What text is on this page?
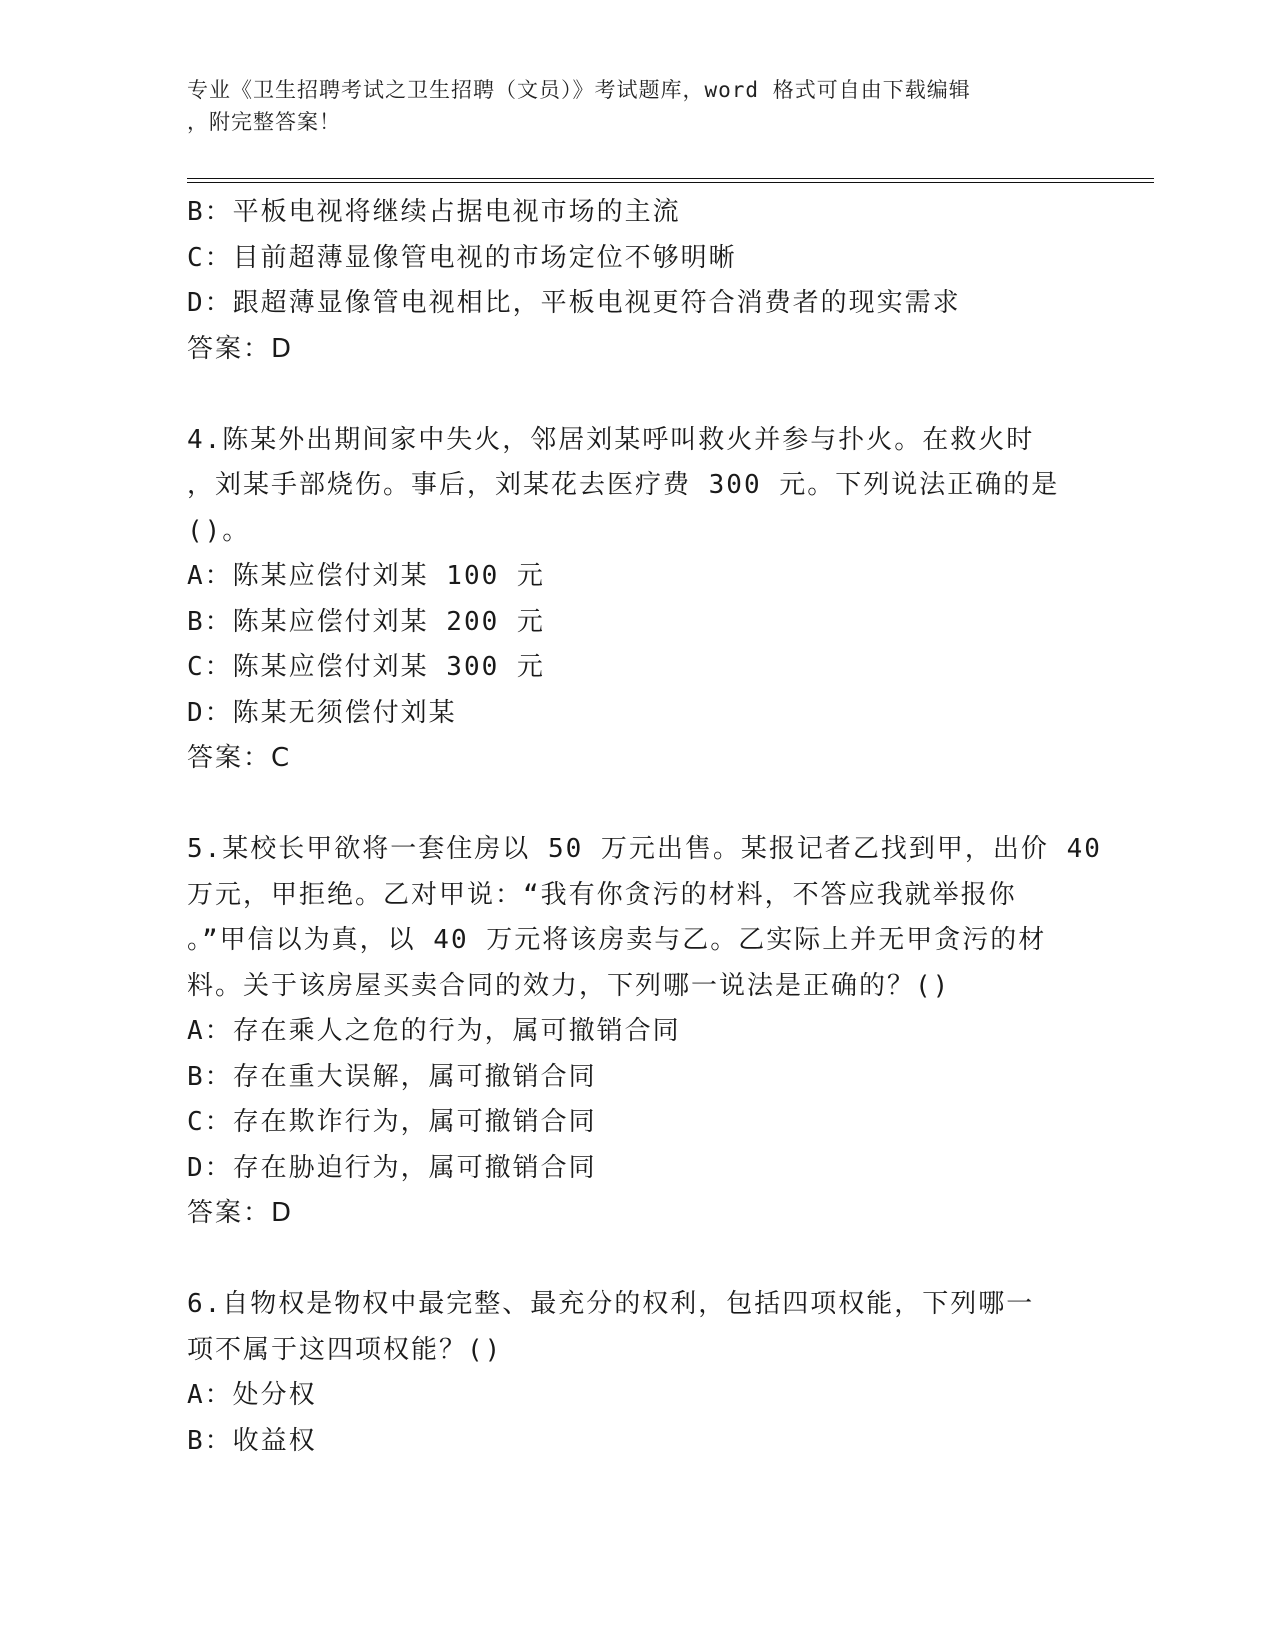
专业《卫生招聘考试之卫生招聘（文员）》考试题库，word 格式可自由下载编辑
，附完整答案！
B：平板电视将继续占据电视市场的主流
C：目前超薄显像管电视的市场定位不够明晰
D：跟超薄显像管电视相比，平板电视更符合消费者的现实需求
答案：D
4.陈某外出期间家中失火，邻居刘某呼叫救火并参与扑火。在救火时
，刘某手部烧伤。事后，刘某花去医疗费 300 元。下列说法正确的是
()。
A：陈某应偿付刘某 100 元
B：陈某应偿付刘某 200 元
C：陈某应偿付刘某 300 元
D：陈某无须偿付刘某
答案：C
5.某校长甲欲将一套住房以 50 万元出售。某报记者乙找到甲，出价 40
万元，甲拒绝。乙对甲说：“我有你贪污的材料，不答应我就举报你
。”甲信以为真，以 40 万元将该房卖与乙。乙实际上并无甲贪污的材
料。关于该房屋买卖合同的效力，下列哪一说法是正确的？()
A：存在乘人之危的行为，属可撤销合同
B：存在重大误解，属可撤销合同
C：存在欺诈行为，属可撤销合同
D：存在胁迫行为，属可撤销合同
答案：D
6.自物权是物权中最完整、最充分的权利，包括四项权能，下列哪一
项不属于这四项权能？()
A：处分权
B：收益权
